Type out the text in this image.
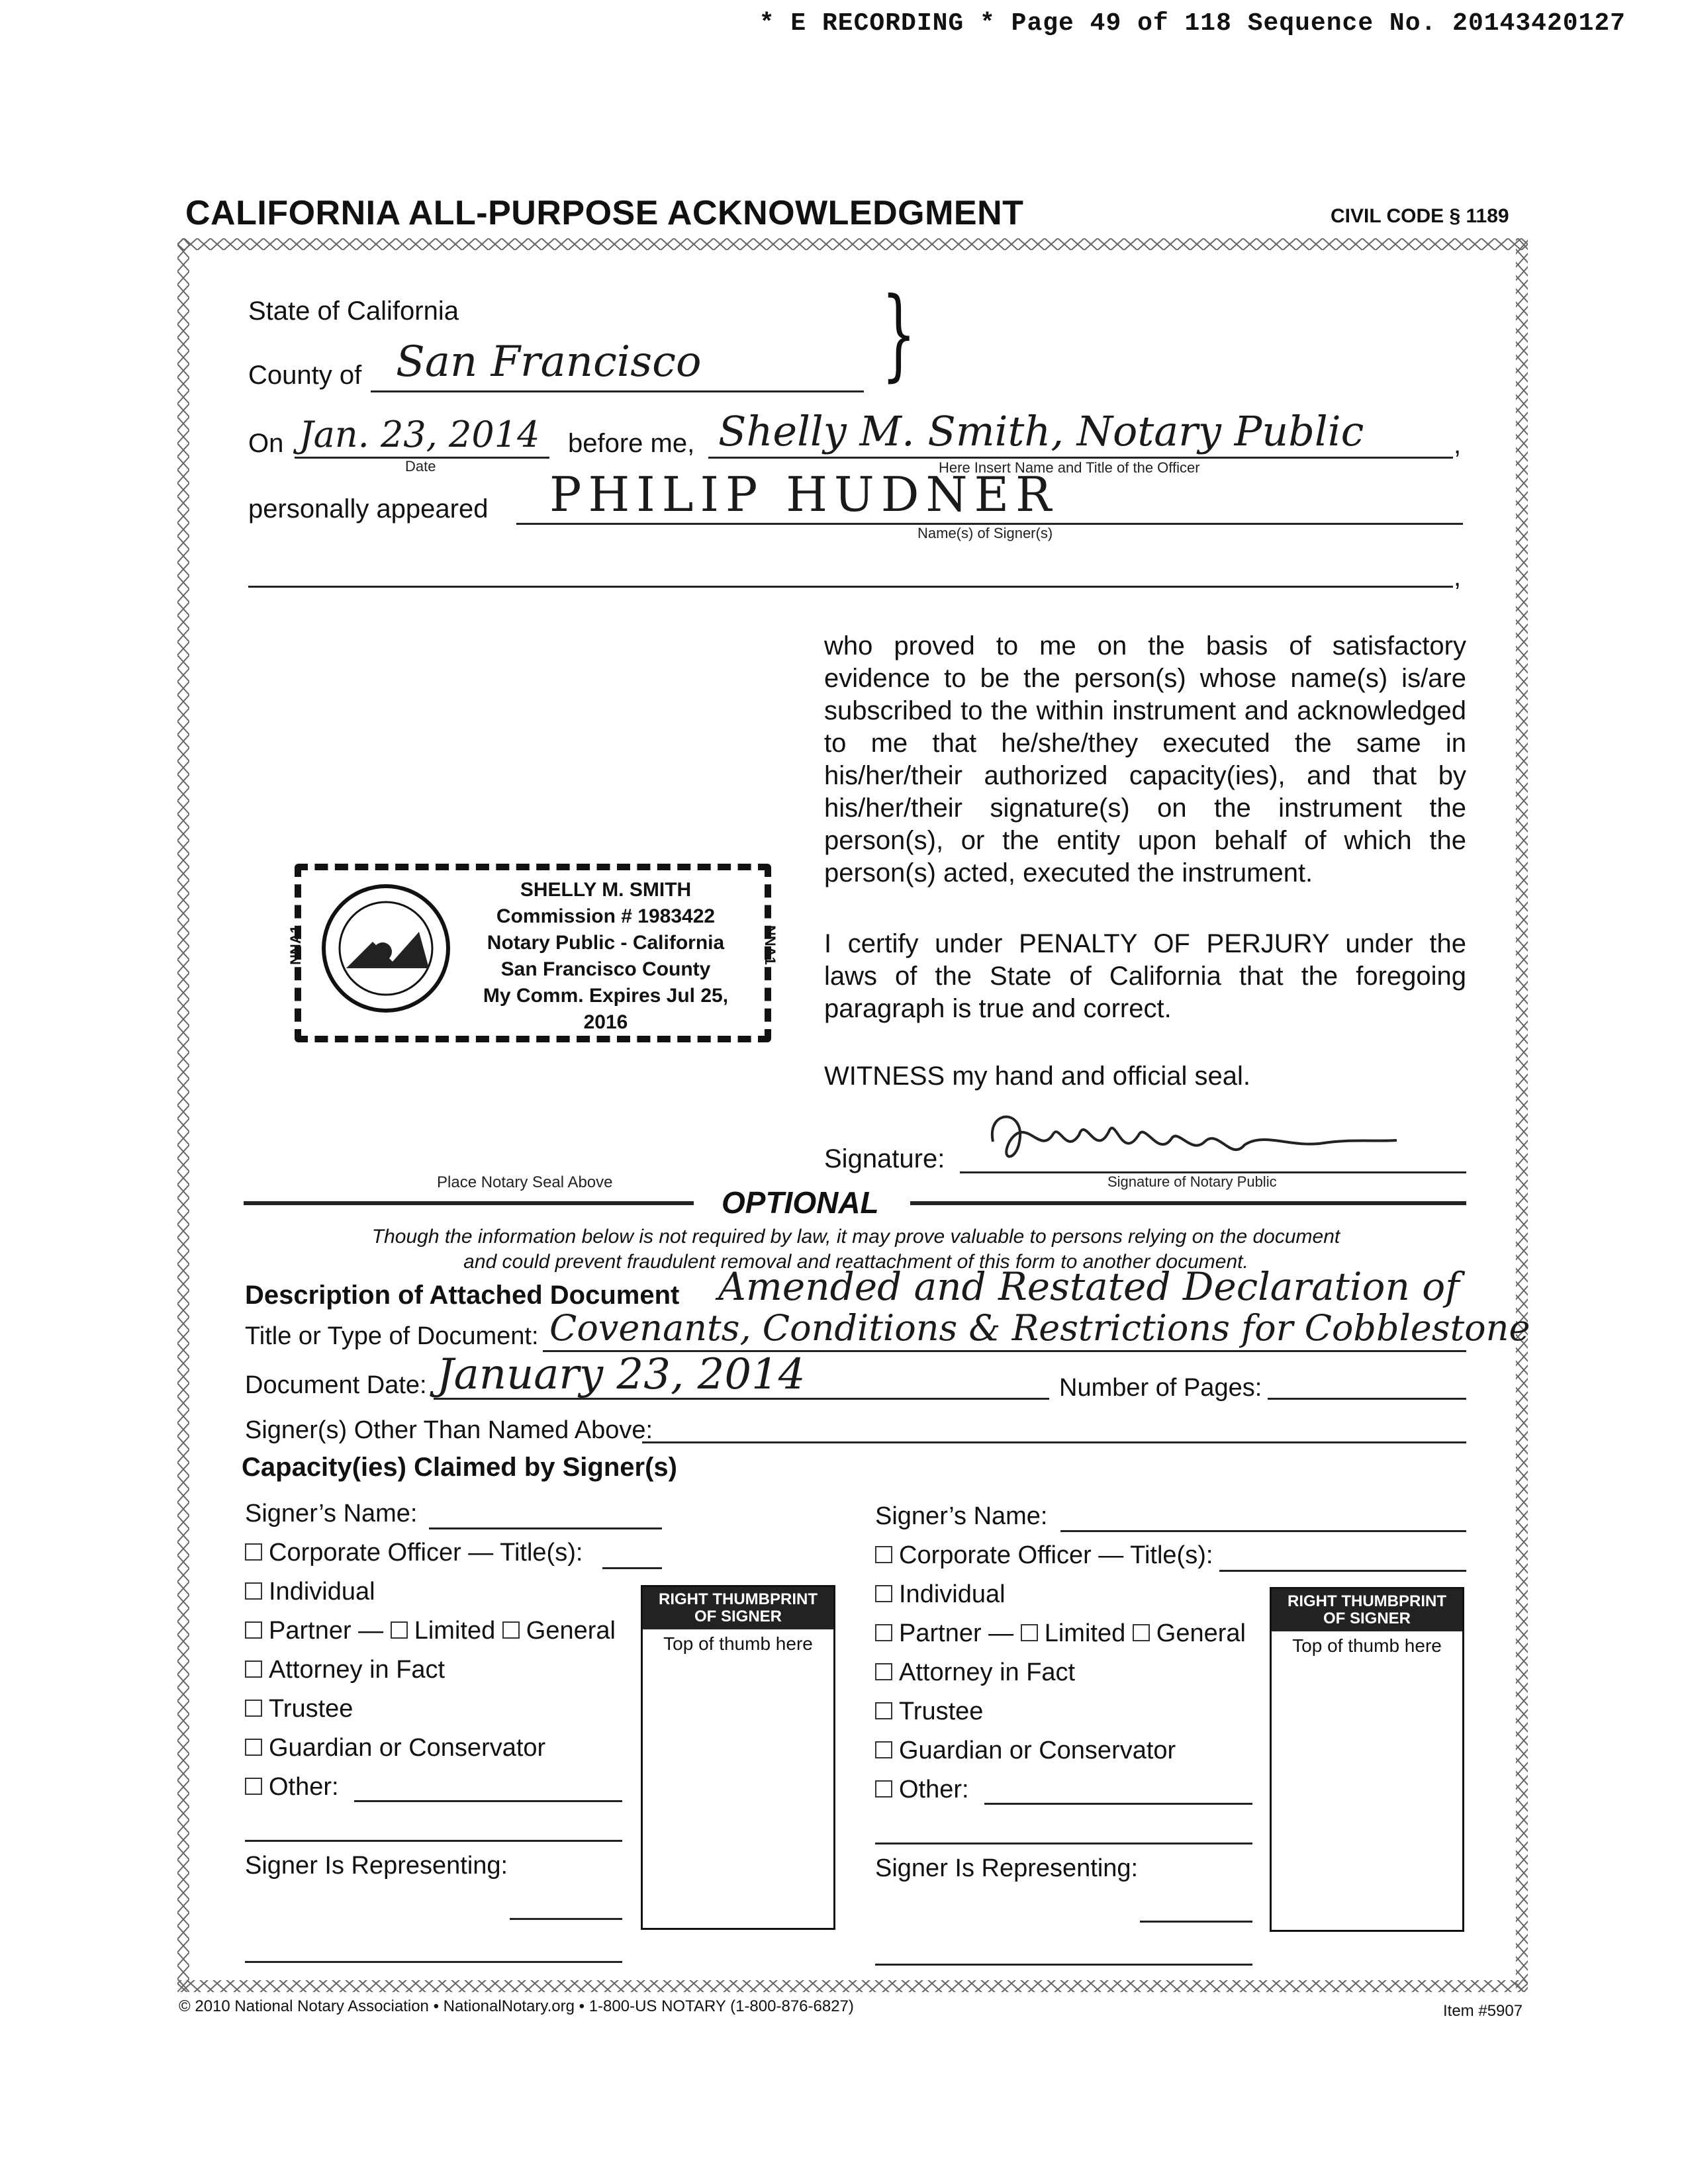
* E RECORDING * Page 49 of 118 Sequence No. 20143420127
CALIFORNIA ALL-PURPOSE ACKNOWLEDGMENT	CIVIL CODE § 1189
State of California
County of San Francisco }
On Jan. 23, 2014
Date
before me, Shelly M. Smith, Notary Public	,
Here Insert Name and Title of the Officer
personally appeared PHILIP HUDNER
Name(s) of Signer(s)
,
who proved to me on the basis of satisfactory
evidence to be the person(s) whose name(s) is/are
subscribed to the within instrument and acknowledged
to me that he/she/they executed the same in
his/her/their authorized capacity(ies), and that by
his/her/their signature(s) on the instrument the
person(s), or the entity upon behalf of which the
person(s) acted, executed the instrument.
I certify under PENALTY OF PERJURY under the
laws of the State of California that the foregoing
paragraph is true and correct.
WITNESS my hand and official seal.
Signature:
Signature of Notary Public
NNA1	NNA1
SHELLY M. SMITH
Commission # 1983422
Notary Public - California
San Francisco County
My Comm. Expires Jul 25, 2016
Place Notary Seal Above
OPTIONAL
Though the information below is not required by law, it may prove valuable to persons relying on the document
and could prevent fraudulent removal and reattachment of this form to another document.
Description of Attached Document Amended and Restated Declaration of
Title or Type of Document: Covenants, Conditions & Restrictions for Cobblestone
Document Date: January 23, 2014	Number of Pages:
Signer(s) Other Than Named Above:
Capacity(ies) Claimed by Signer(s)
Signer’s Name:
Corporate Officer — Title(s):
Individual
Partner — Limited General
Attorney in Fact
Trustee
Guardian or Conservator
Other:
Signer Is Representing:
RIGHT THUMBPRINT
OF SIGNER
Top of thumb here
Signer’s Name:
Corporate Officer — Title(s):
Individual
Partner — Limited General
Attorney in Fact
Trustee
Guardian or Conservator
Other:
Signer Is Representing:
RIGHT THUMBPRINT
OF SIGNER
Top of thumb here
© 2010 National Notary Association • NationalNotary.org • 1-800-US NOTARY (1-800-876-6827)	Item #5907
